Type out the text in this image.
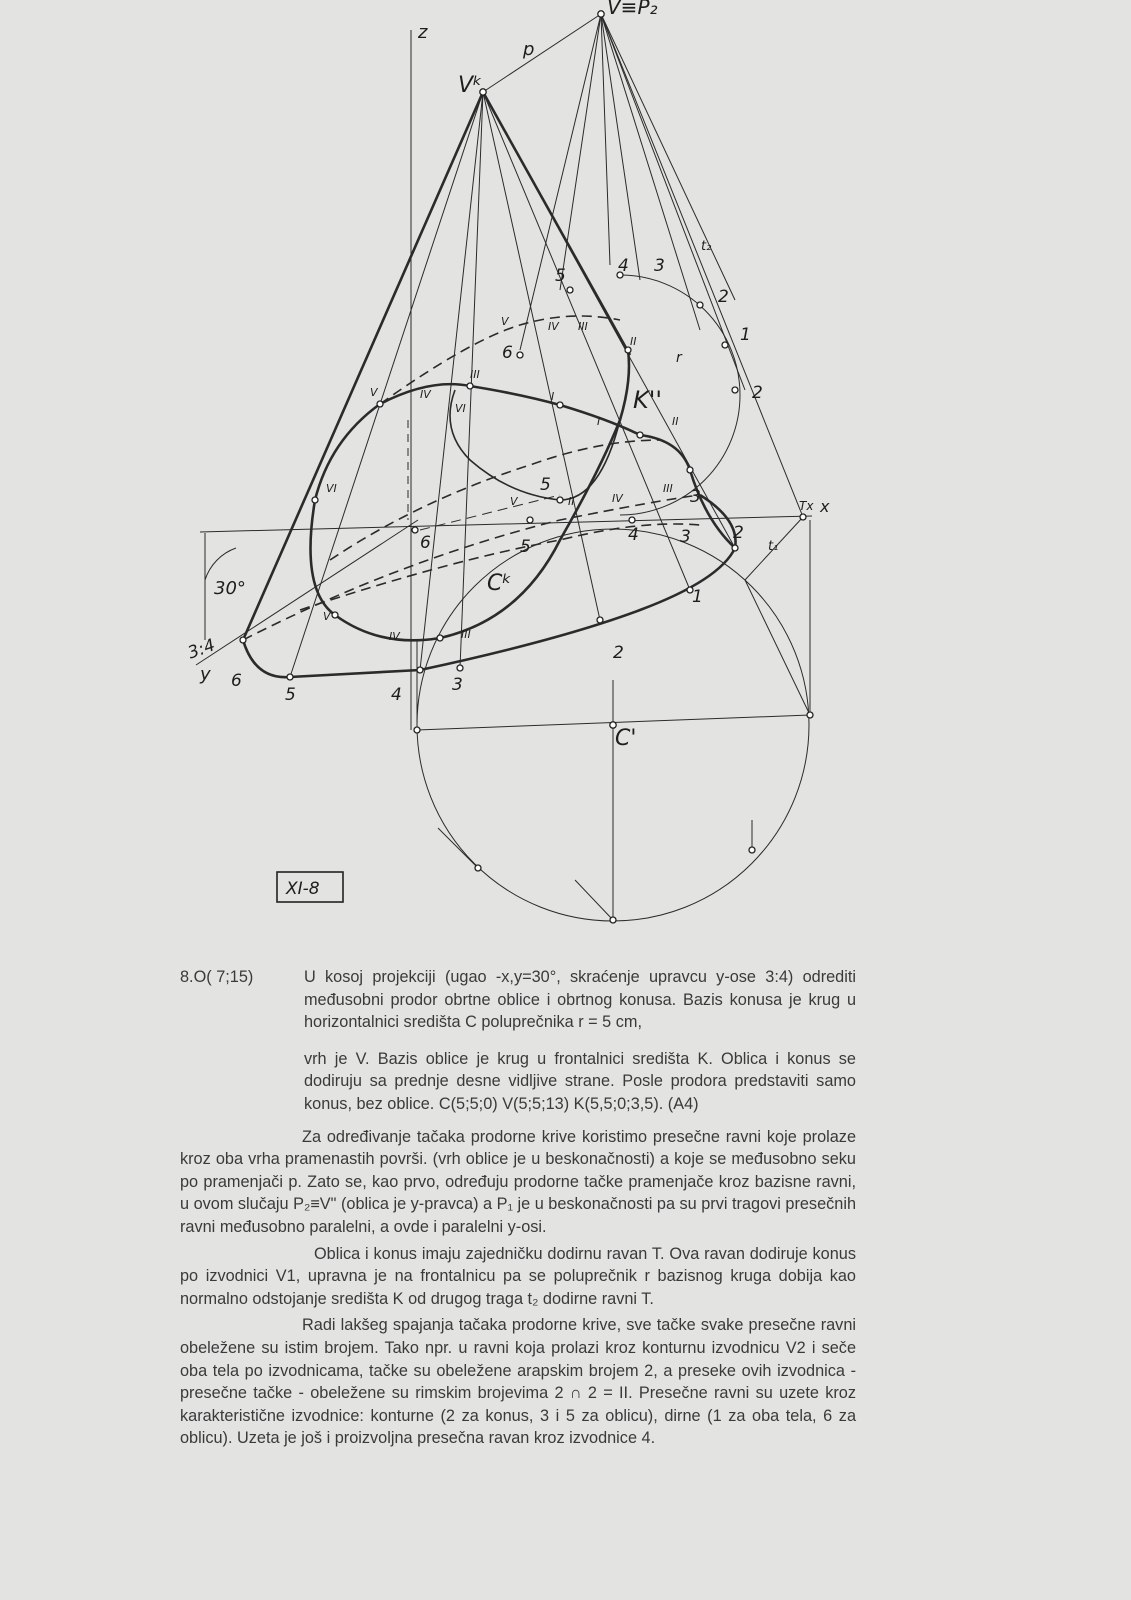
V≡P₂
Vᵏ
z
x
y
Tx
t₁
t₂
p
r
K''
Cᵏ
C'
30°
3:4	2
1
3
4
5
6
2
2
1
3
4
5
6
5
6	5
4 3 2
3
V	IV
III
I
I
VI
VI
V
IV	III
V	II	IV
III
II
II
V	IV III
XI-8
8.O( 7;15)	U kosoj projekciji (ugao -x,y=30°, skraćenje upravcu y-ose 3:4) odrediti međusobni prodor obrtne oblice i obrtnog konusa. Bazis konusa je krug u horizontalnici središta C poluprečnika r = 5 cm,

vrh je V. Bazis oblice je krug u frontalnici središta K. Oblica i konus se dodiruju sa prednje desne vidljive strane. Posle prodora predstaviti samo konus, bez oblice. C(5;5;0) V(5;5;13) K(5,5;0;3,5). (A4)

Za određivanje tačaka prodorne krive koristimo presečne ravni koje prolaze kroz oba vrha pramenastih površi. (vrh oblice je u beskonačnosti) a koje se međusobno seku po pramenjači p. Zato se, kao prvo, određuju prodorne tačke pramenjače kroz bazisne ravni, u ovom slučaju P₂≡V" (oblica je y-pravca) a P₁ je u beskonačnosti pa su prvi tragovi presečnih ravni međusobno paralelni, a ovde i paralelni y-osi.

Oblica i konus imaju zajedničku dodirnu ravan T. Ova ravan dodiruje konus po izvodnici V1, upravna je na frontalnicu pa se poluprečnik r bazisnog kruga dobija kao normalno odstojanje središta K od drugog traga t₂ dodirne ravni T.

Radi lakšeg spajanja tačaka prodorne krive, sve tačke svake presečne ravni obeležene su istim brojem. Tako npr. u ravni koja prolazi kroz konturnu izvodnicu V2 i seče oba tela po izvodnicama, tačke su obeležene arapskim brojem 2, a preseke ovih izvodnica - presečne tačke - obeležene su rimskim brojevima 2 ∩ 2 = II. Presečne ravni su uzete kroz karakteristične izvodnice: konturne (2 za konus, 3 i 5 za oblicu), dirne (1 za oba tela, 6 za oblicu). Uzeta je još i proizvoljna presečna ravan kroz izvodnice 4.
